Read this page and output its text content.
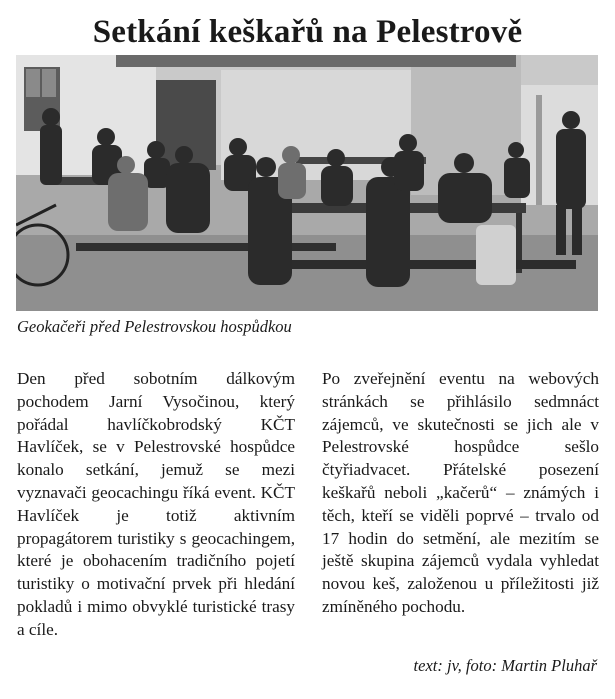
Setkání keškařů na Pelestrově

Geokačeři před Pelestrovskou hospůdkou

Den před sobotním dálkovým pochodem Jarní Vysočinou, který pořádal havlíčkobrodský KČT Havlíček, se v Pelestrovské hospůdce konalo setkání, jemuž se mezi vyznavači geocachingu říká event. KČT Havlíček je totiž aktivním propagátorem turistiky s geocachingem, které je obohacením tradičního pojetí turistiky o motivační prvek při hledání pokladů i mimo obvyklé turistické trasy a cíle.

Po zveřejnění eventu na webových stránkách se přihlásilo sedmnáct zájemců, ve skutečnosti se jich ale v Pelestrovské hospůdce sešlo čtyřiadvacet. Přátelské posezení keškařů neboli „kačerů“ – známých i těch, kteří se viděli poprvé – trvalo od 17 hodin do setmění, ale mezitím se ještě skupina zájemců vydala vyhledat novou keš, založenou u příležitosti již zmíněného pochodu.

text: jv, foto: Martin Pluhař
